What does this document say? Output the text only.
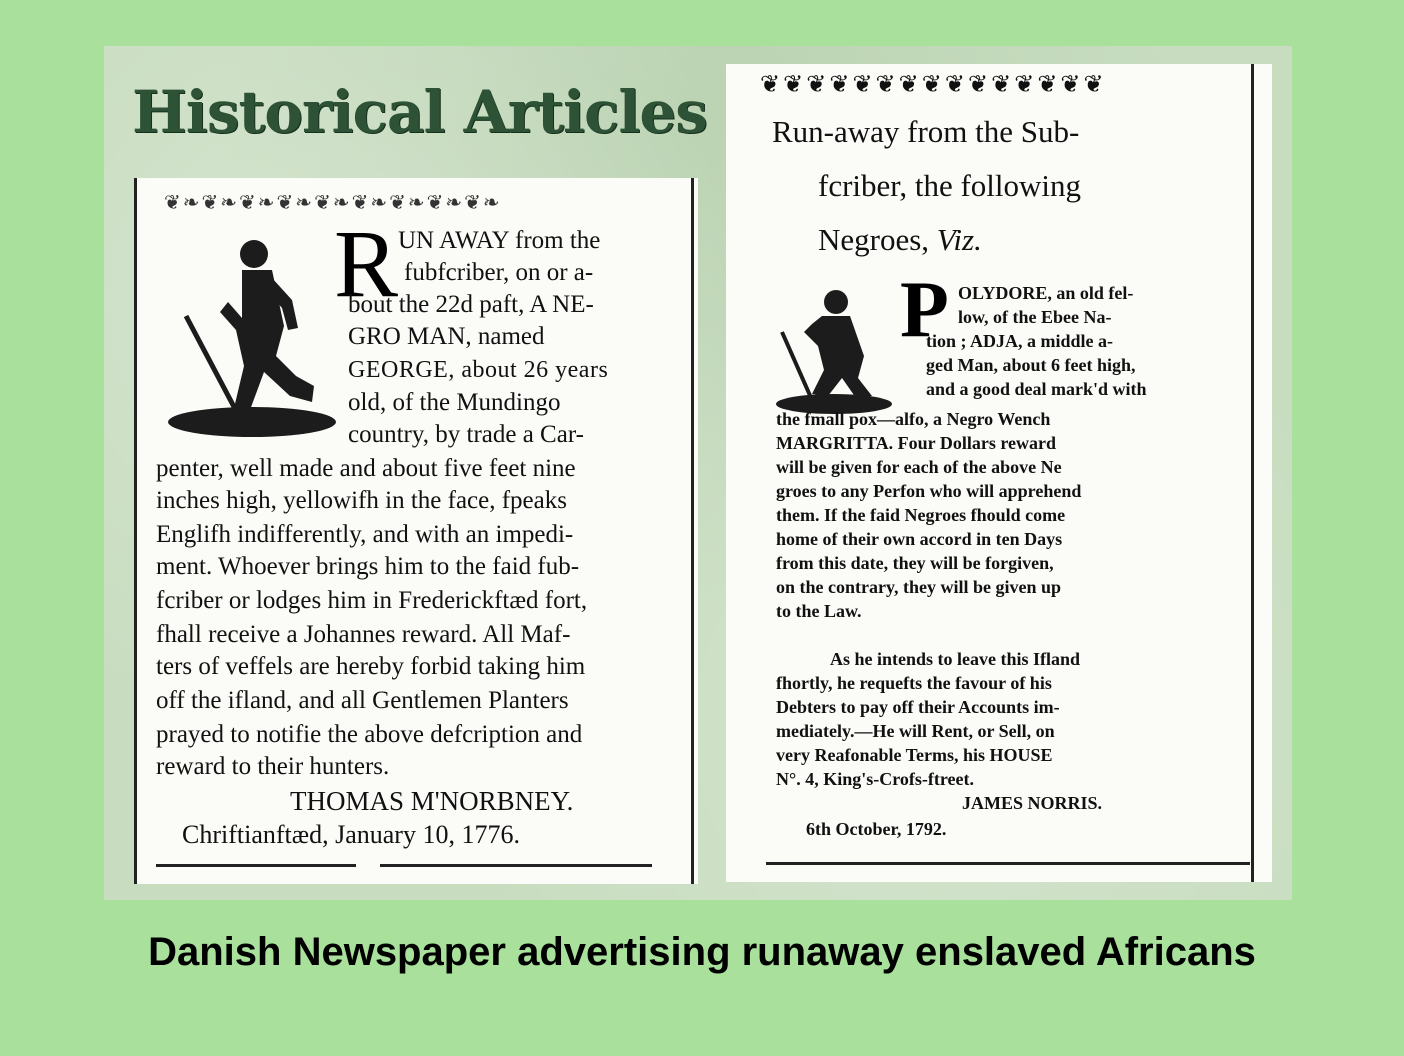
Historical Articles
❦❧❦❧❦❧❦❧❦❧❦❧❦❧❦❧❦❧
R UN AWAY from the
fubfcriber, on or a-
bout the 22d paft, A NE-
GRO MAN, named
GEORGE, about 26 years
old, of the Mundingo
country, by trade a Car-
penter, well made and about five feet nine
inches high, yellowifh in the face, fpeaks
Englifh indifferently, and with an impedi-
ment. Whoever brings him to the faid fub-
fcriber or lodges him in Frederickftæd fort,
fhall receive a Johannes reward. All Maf-
ters of veffels are hereby forbid taking him
off the ifland, and all Gentlemen Planters
prayed to notifie the above defcription and
reward to their hunters.
THOMAS M'NORBNEY.
Chriftianftæd, January 10, 1776.
❦❦❦❦❦❦❦❦❦❦❦❦❦❦❦
Run-away from the Sub-
fcriber, the following
Negroes, Viz.
P OLYDORE, an old fel-
low, of the Ebee Na-
tion ; ADJA, a middle a-
ged Man, about 6 feet high,
and a good deal mark'd with
the fmall pox—alfo, a Negro Wench
MARGRITTA. Four Dollars reward
will be given for each of the above Ne
groes to any Perfon who will apprehend
them. If the faid Negroes fhould come
home of their own accord in ten Days
from this date, they will be forgiven,
on the contrary, they will be given up
to the Law.
As he intends to leave this Ifland
fhortly, he requefts the favour of his
Debters to pay off their Accounts im-
mediately.—He will Rent, or Sell, on
very Reafonable Terms, his HOUSE
N°. 4, King's-Crofs-ftreet.
JAMES NORRIS.
6th October, 1792.

Danish Newspaper advertising runaway enslaved Africans
